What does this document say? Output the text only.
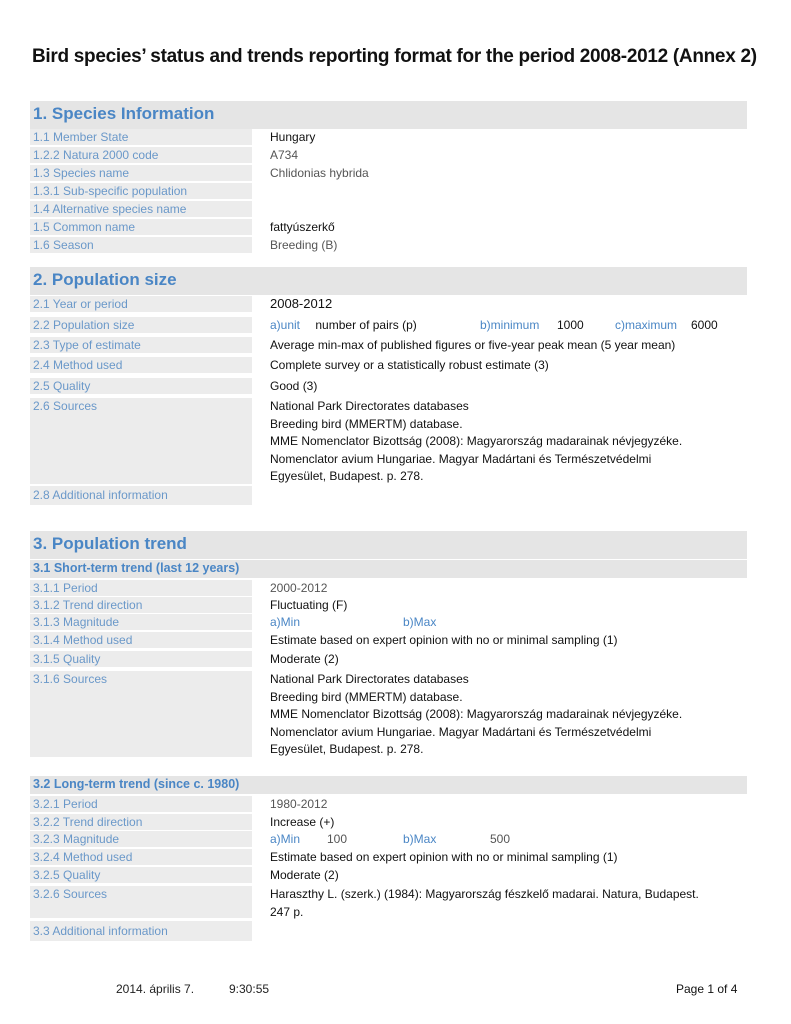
Bird species’ status and trends reporting format for the period 2008-2012 (Annex 2)
1. Species Information
1.1 Member State	Hungary
1.2.2 Natura 2000 code	A734
1.3 Species name	Chlidonias hybrida
1.3.1 Sub-specific population
1.4 Alternative species name
1.5 Common name	fattyúszerkő
1.6 Season	Breeding (B)
2. Population size
2.1 Year or period	2008-2012
2.2 Population size	a)unit number of pairs (p)	b)minimum 1000	c)maximum 6000
2.3 Type of estimate	Average min-max of published figures or five-year peak mean (5 year mean)
2.4 Method used	Complete survey or a statistically robust estimate (3)
2.5 Quality	Good (3)
2.6 Sources	National Park Directorates databases
Breeding bird (MMERTM) database.
MME Nomenclator Bizottság (2008): Magyarország madarainak névjegyzéke.
Nomenclator avium Hungariae. Magyar Madártani és Természetvédelmi
Egyesület, Budapest. p. 278.
2.8 Additional information
3. Population trend
3.1 Short-term trend (last 12 years)
3.1.1 Period	2000-2012
3.1.2 Trend direction	Fluctuating (F)
3.1.3 Magnitude	a)Min	b)Max
3.1.4 Method used	Estimate based on expert opinion with no or minimal sampling (1)
3.1.5 Quality	Moderate (2)
3.1.6 Sources	National Park Directorates databases
Breeding bird (MMERTM) database.
MME Nomenclator Bizottság (2008): Magyarország madarainak névjegyzéke.
Nomenclator avium Hungariae. Magyar Madártani és Természetvédelmi
Egyesület, Budapest. p. 278.
3.2 Long-term trend (since c. 1980)
3.2.1 Period	1980-2012
3.2.2 Trend direction	Increase (+)
3.2.3 Magnitude	a)Min 100	b)Max	500
3.2.4 Method used	Estimate based on expert opinion with no or minimal sampling (1)
3.2.5 Quality	Moderate (2)
3.2.6 Sources	Haraszthy L. (szerk.) (1984): Magyarország fészkelő madarai. Natura, Budapest.
247 p.
3.3 Additional information
2014. április 7.	9:30:55	Page 1 of 4
